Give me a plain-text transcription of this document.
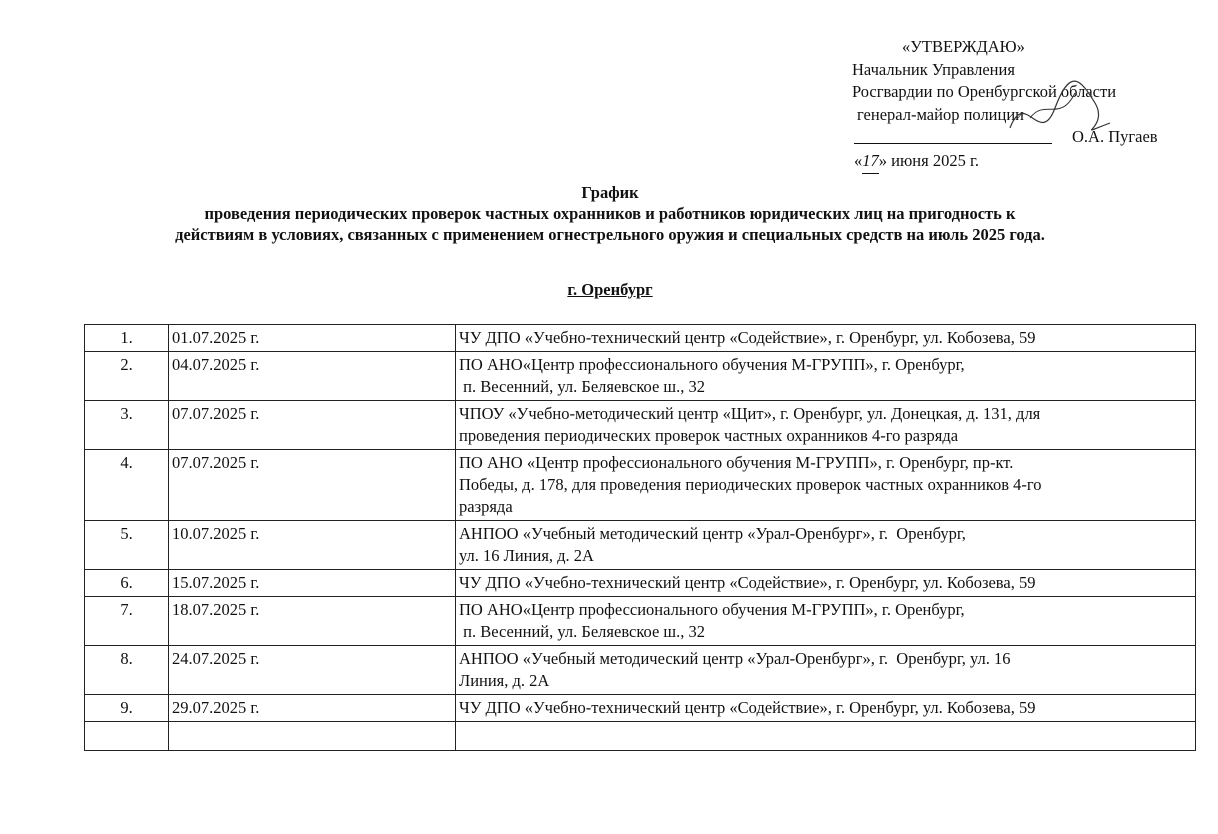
«УТВЕРЖДАЮ»
Начальник Управления
Росгвардии по Оренбургской области
генерал-майор полиции
О.А. Пугаев
«17» июня 2025 г.
График
проведения периодических проверок частных охранников и работников юридических лиц на пригодность к
действиям в условиях, связанных с применением огнестрельного оружия и специальных средств на июль 2025 года.
г. Оренбург
1.	01.07.2025 г.	ЧУ ДПО «Учебно-технический центр «Содействие», г. Оренбург, ул. Кобозева, 59

2.	04.07.2025 г.	ПО АНО«Центр профессионального обучения М-ГРУПП», г. Оренбург,
п. Весенний, ул. Беляевское ш., 32

3.	07.07.2025 г.	ЧПОУ «Учебно-методический центр «Щит», г. Оренбург, ул. Донецкая, д. 131, для
проведения периодических проверок частных охранников 4-го разряда

4.	07.07.2025 г.	ПО АНО «Центр профессионального обучения М-ГРУПП», г. Оренбург, пр-кт.
Победы, д. 178, для проведения периодических проверок частных охранников 4-го
разряда

5.	10.07.2025 г.	АНПОО «Учебный методический центр «Урал-Оренбург», г.  Оренбург,
ул. 16 Линия, д. 2А

6.	15.07.2025 г.	ЧУ ДПО «Учебно-технический центр «Содействие», г. Оренбург, ул. Кобозева, 59

7.	18.07.2025 г.	ПО АНО«Центр профессионального обучения М-ГРУПП», г. Оренбург,
п. Весенний, ул. Беляевское ш., 32

8.	24.07.2025 г.	АНПОО «Учебный методический центр «Урал-Оренбург», г.  Оренбург, ул. 16
Линия, д. 2А

9.	29.07.2025 г.	ЧУ ДПО «Учебно-технический центр «Содействие», г. Оренбург, ул. Кобозева, 59
